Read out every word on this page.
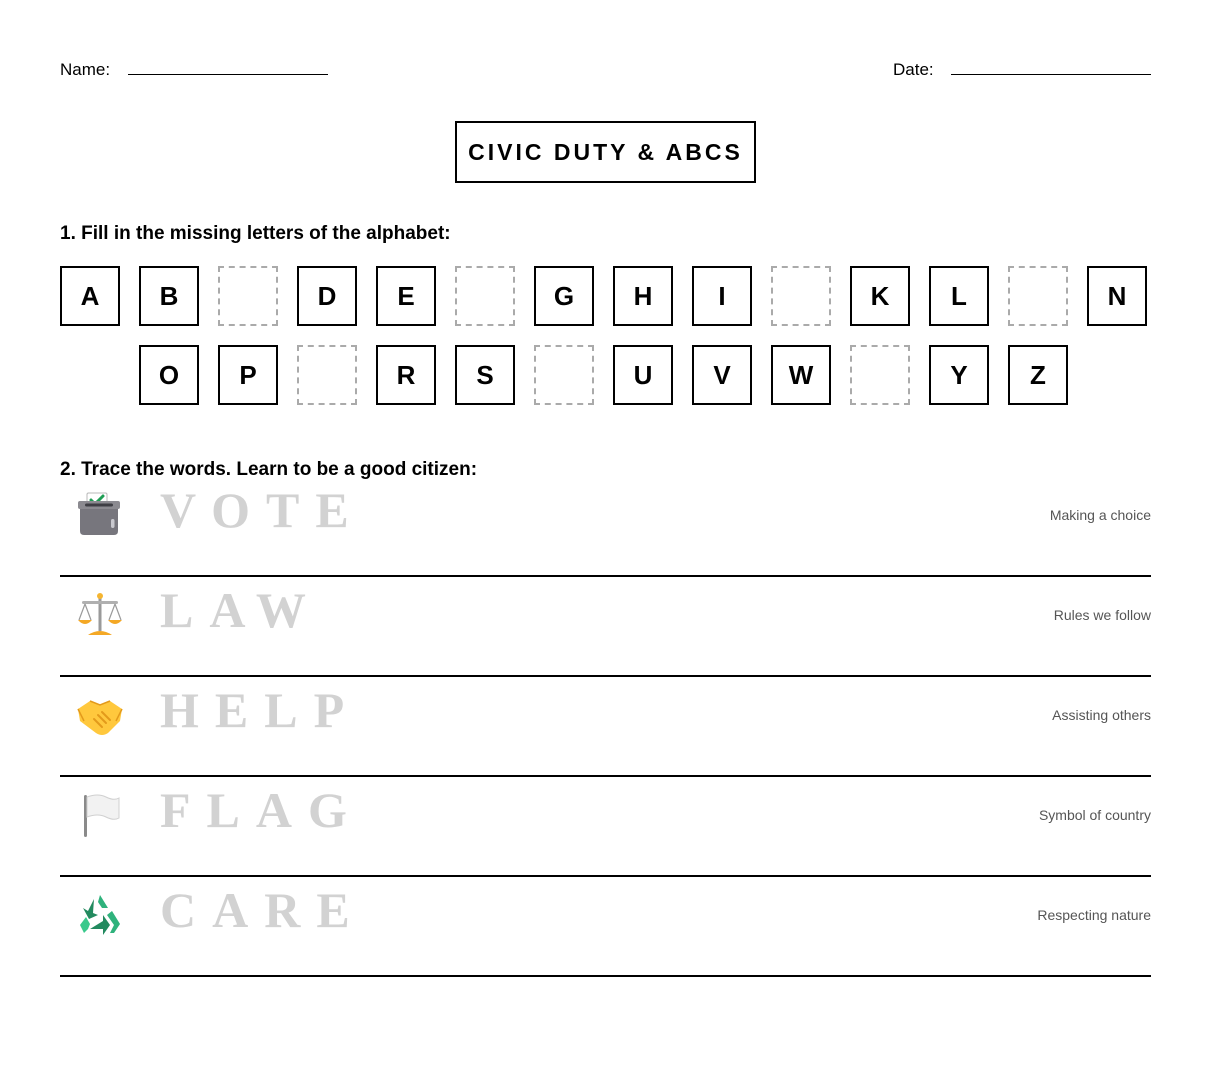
Name:	Date:
CIVIC DUTY & ABCS
1. Fill in the missing letters of the alphabet:
A	B	D	E	G	H	I	K	L	N
O	P	R	S	U	V	W	Y	Z
2. Trace the words. Learn to be a good citizen:
VOTE	Making a choice
LAW	Rules we follow
HELP	Assisting others
FLAG	Symbol of country
CARE	Respecting nature
